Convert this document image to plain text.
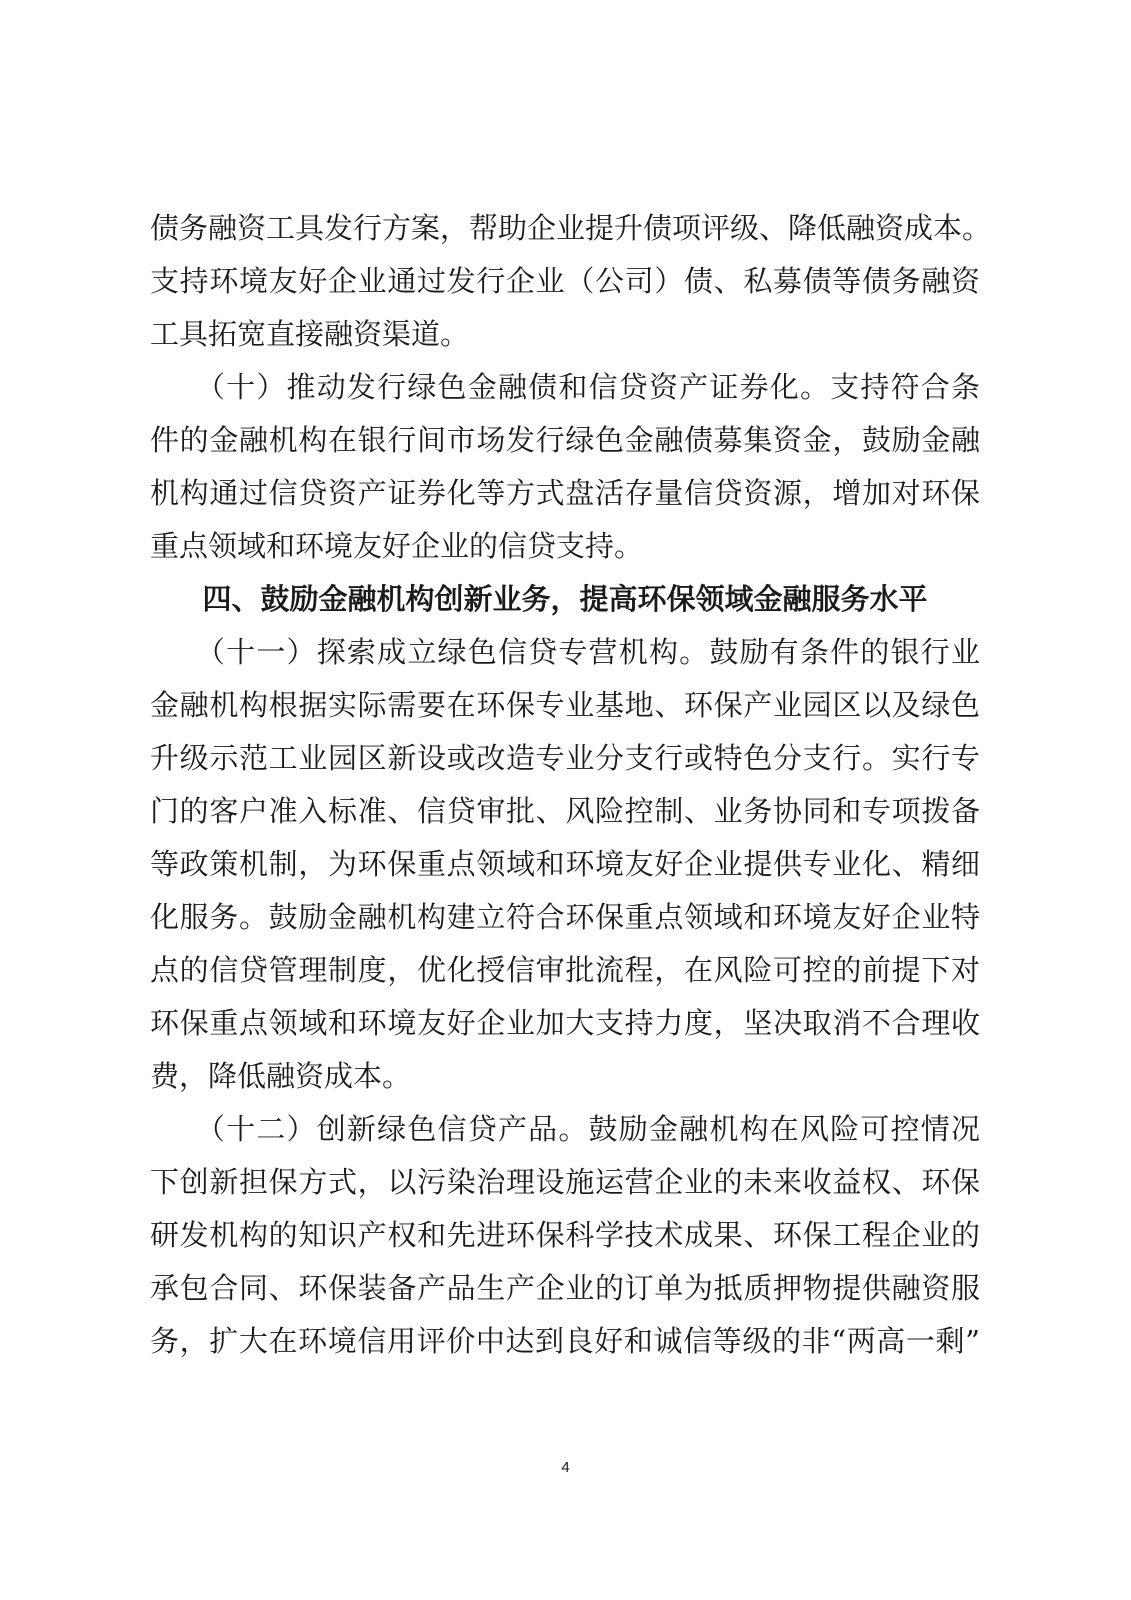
债务融资工具发行方案，帮助企业提升债项评级、降低融资成本。
支持环境友好企业通过发行企业（公司）债、私募债等债务融资
工具拓宽直接融资渠道。
　　（十）推动发行绿色金融债和信贷资产证券化。支持符合条
件的金融机构在银行间市场发行绿色金融债募集资金，鼓励金融
机构通过信贷资产证券化等方式盘活存量信贷资源，增加对环保
重点领域和环境友好企业的信贷支持。
四、鼓励金融机构创新业务，提高环保领域金融服务水平
　　（十一）探索成立绿色信贷专营机构。鼓励有条件的银行业
金融机构根据实际需要在环保专业基地、环保产业园区以及绿色
升级示范工业园区新设或改造专业分支行或特色分支行。实行专
门的客户准入标准、信贷审批、风险控制、业务协同和专项拨备
等政策机制，为环保重点领域和环境友好企业提供专业化、精细
化服务。鼓励金融机构建立符合环保重点领域和环境友好企业特
点的信贷管理制度，优化授信审批流程，在风险可控的前提下对
环保重点领域和环境友好企业加大支持力度，坚决取消不合理收
费，降低融资成本。
　　（十二）创新绿色信贷产品。鼓励金融机构在风险可控情况
下创新担保方式，以污染治理设施运营企业的未来收益权、环保
研发机构的知识产权和先进环保科学技术成果、环保工程企业的
承包合同、环保装备产品生产企业的订单为抵质押物提供融资服
务，扩大在环境信用评价中达到良好和诚信等级的非“两高一剩”
4
